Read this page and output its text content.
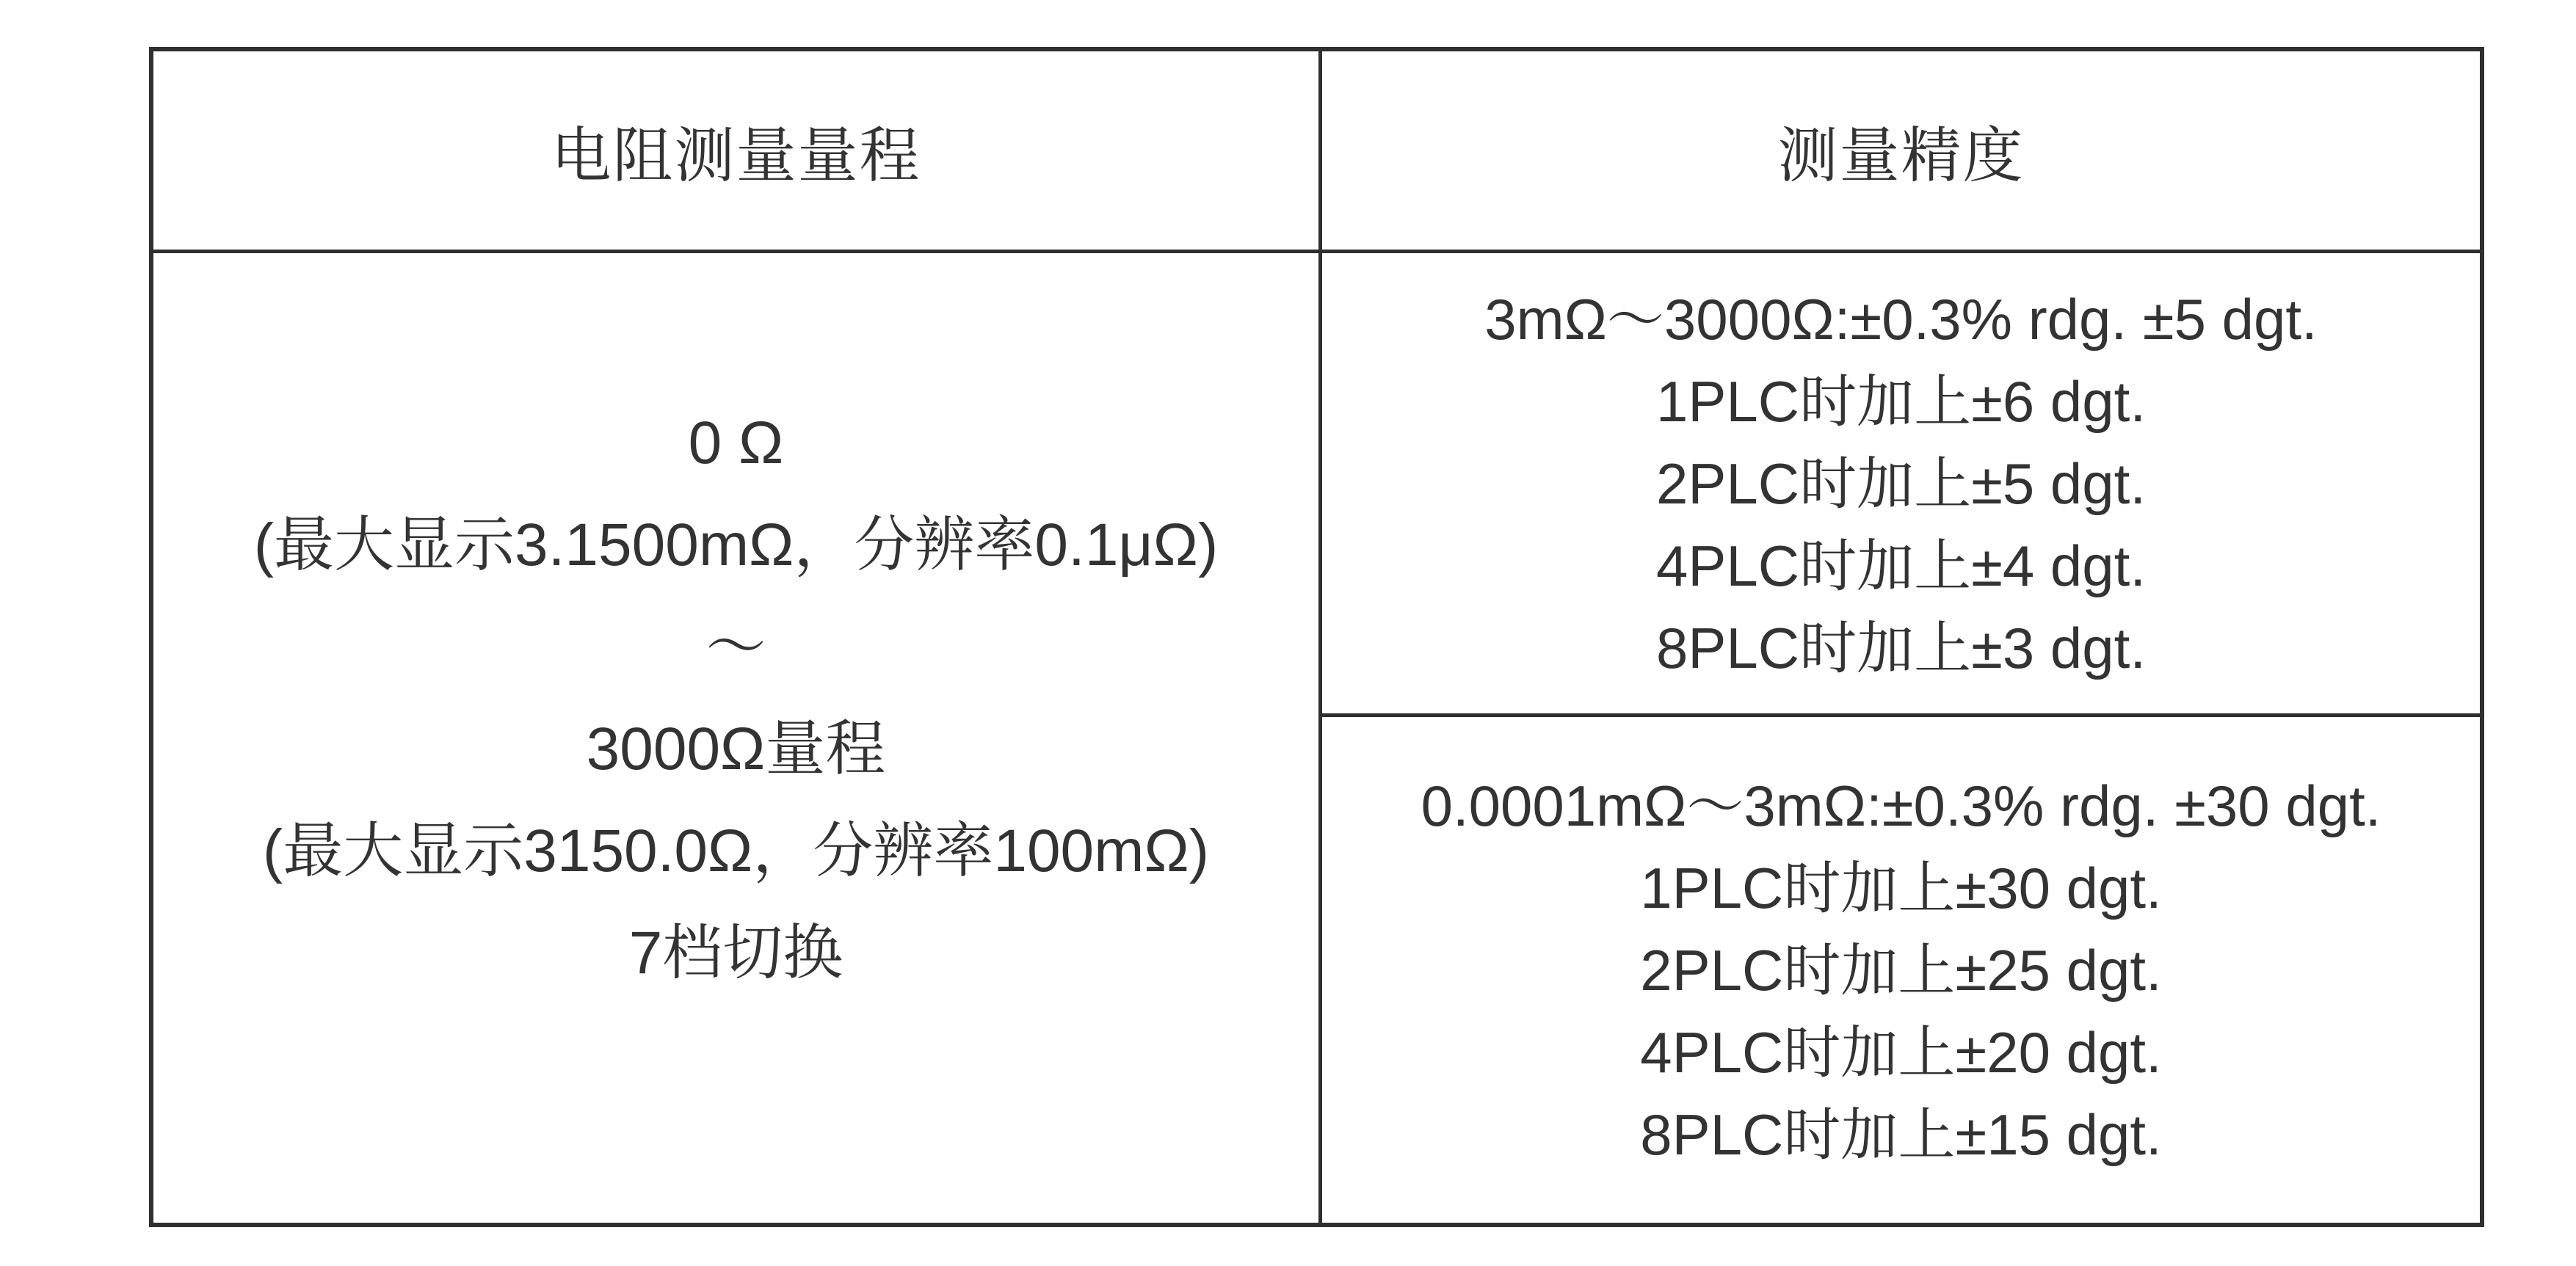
电阻测量量程	测量精度
0 Ω
(最大显示3.1500mΩ，分辨率0.1μΩ)
～
3000Ω量程
(最大显示3150.0Ω，分辨率100mΩ)
7档切换
3mΩ～3000Ω:±0.3% rdg. ±5 dgt.
1PLC时加上±6 dgt.
2PLC时加上±5 dgt.
4PLC时加上±4 dgt.
8PLC时加上±3 dgt.
0.0001mΩ～3mΩ:±0.3% rdg. ±30 dgt.
1PLC时加上±30 dgt.
2PLC时加上±25 dgt.
4PLC时加上±20 dgt.
8PLC时加上±15 dgt.
